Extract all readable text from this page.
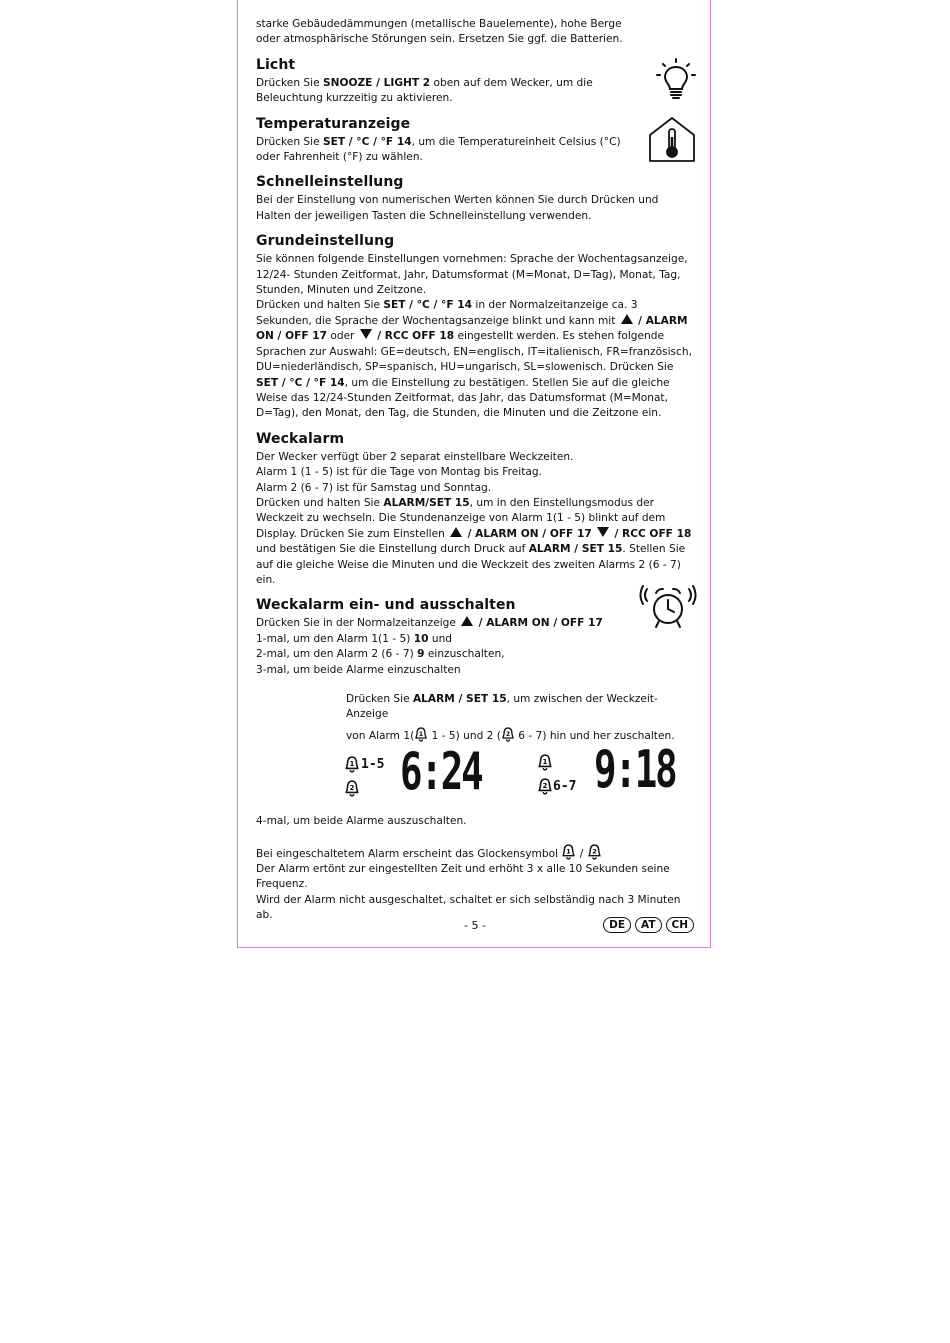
starke Gebäudedämmungen (metallische Bauelemente), hohe Berge oder atmosphärische Störungen sein. Ersetzen Sie ggf. die Batterien.

Licht

Drücken Sie SNOOZE / LIGHT 2 oben auf dem Wecker, um die Beleuchtung kurzzeitig zu aktivieren.

Temperaturanzeige

Drücken Sie SET / °C / °F 14, um die Temperatureinheit Celsius (°C) oder Fahrenheit (°F) zu wählen.

Schnelleinstellung

Bei der Einstellung von numerischen Werten können Sie durch Drücken und Halten der jeweiligen Tasten die Schnelleinstellung verwenden.

Grundeinstellung

Sie können folgende Einstellungen vornehmen: Sprache der Wochentagsanzeige, 12/24- Stunden Zeitformat, Jahr, Datumsformat (M=Monat, D=Tag), Monat, Tag, Stunden, Minuten und Zeitzone.

Drücken und halten Sie SET / °C / °F 14 in der Normalzeitanzeige ca. 3 Sekunden, die Sprache der Wochentagsanzeige blinkt und kann mit  / ALARM ON / OFF 17 oder  / RCC OFF 18 eingestellt werden. Es stehen folgende Sprachen zur Auswahl: GE=deutsch, EN=englisch, IT=italienisch, FR=französisch, DU=niederländisch, SP=spanisch, HU=ungarisch, SL=slowenisch. Drücken Sie SET / °C / °F 14, um die Einstellung zu bestätigen. Stellen Sie auf die gleiche Weise das 12/24-Stunden Zeitformat, das Jahr, das Datumsformat (M=Monat, D=Tag), den Monat, den Tag, die Stunden, die Minuten und die Zeitzone ein.

Weckalarm

Der Wecker verfügt über 2 separat einstellbare Weckzeiten.

Alarm 1 (1 - 5) ist für die Tage von Montag bis Freitag.

Alarm 2 (6 - 7) ist für Samstag und Sonntag.

Drücken und halten Sie ALARM/SET 15, um in den Einstellungsmodus der Weckzeit zu wechseln. Die Stundenanzeige von Alarm 1(1 - 5) blinkt auf dem Display. Drücken Sie zum Einstellen  / ALARM ON / OFF 17 / RCC OFF 18 und bestätigen Sie die Einstellung durch Druck auf ALARM / SET 15. Stellen Sie auf die gleiche Weise die Minuten und die Weckzeit des zweiten Alarms 2 (6 - 7) ein.

Weckalarm ein- und ausschalten

Drücken Sie in der Normalzeitanzeige  / ALARM ON / OFF 17

1-mal, um den Alarm 1(1 - 5) 10 und

2-mal, um den Alarm 2 (6 - 7) 9 einzuschalten,

3-mal, um beide Alarme einzuschalten

Drücken Sie ALARM / SET 15, um zwischen der Weckzeit-Anzeige

von Alarm 1( 1 1 - 5) und 2 ( 2 6 - 7) hin und her zuschalten.

1 1-5
2 6:24	1
2 6-7 9:18

4-mal, um beide Alarme auszuschalten.

Bei eingeschaltetem Alarm erscheint das Glockensymbol 1 / 2

Der Alarm ertönt zur eingestellten Zeit und erhöht 3 x alle 10 Sekunden seine Frequenz.

Wird der Alarm nicht ausgeschaltet, schaltet er sich selbständig nach 3 Minuten ab.

- 5 -	DE	AT	CH
